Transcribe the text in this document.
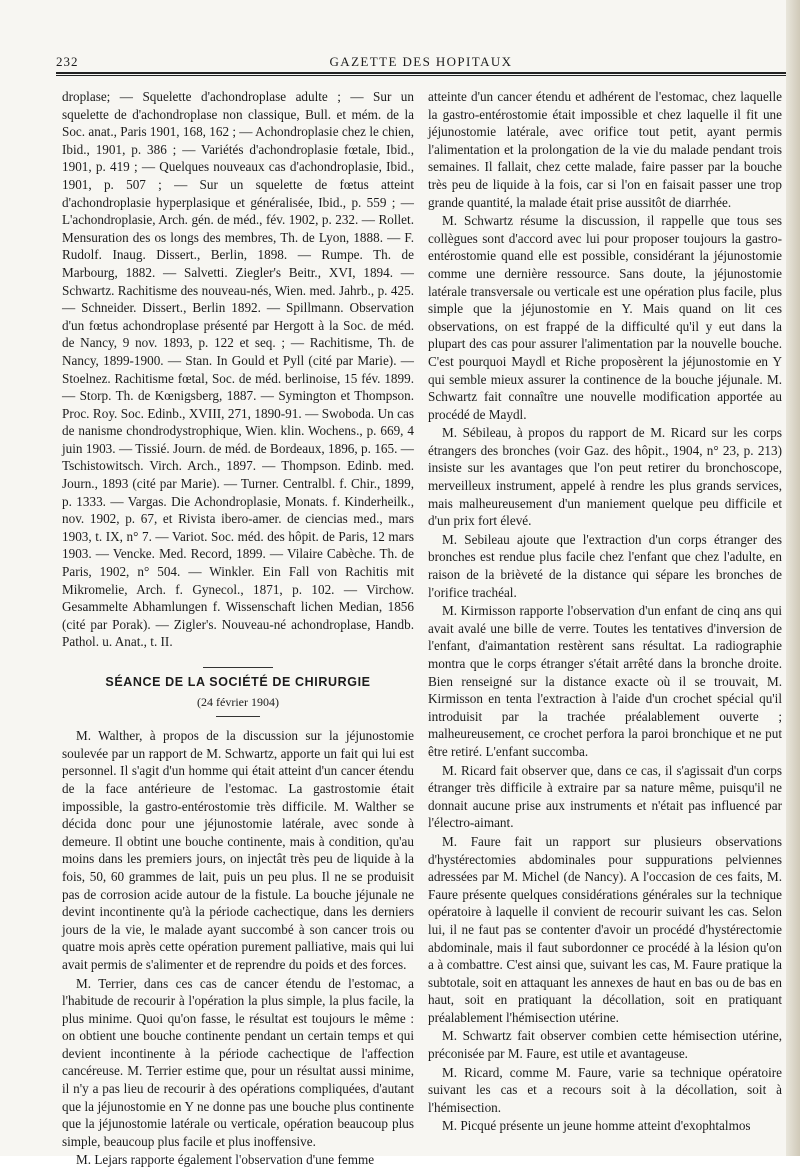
232	GAZETTE DES HOPITAUX

droplase; — Squelette d'achondroplase adulte ; — Sur un squelette de d'achondroplase non classique, Bull. et mém. de la Soc. anat., Paris 1901, 168, 162 ; — Achondroplasie chez le chien, Ibid., 1901, p. 386 ; — Variétés d'achondroplasie fœtale, Ibid., 1901, p. 419 ; — Quelques nouveaux cas d'achondroplasie, Ibid., 1901, p. 507 ; — Sur un squelette de fœtus atteint d'achondroplasie hyperplasique et généralisée, Ibid., p. 559 ; — L'achondroplasie, Arch. gén. de méd., fév. 1902, p. 232. — Rollet. Mensuration des os longs des membres, Th. de Lyon, 1888. — F. Rudolf. Inaug. Dissert., Berlin, 1898. — Rumpe. Th. de Marbourg, 1882. — Salvetti. Ziegler's Beitr., XVI, 1894. — Schwartz. Rachitisme des nouveau-nés, Wien. med. Jahrb., p. 425. — Schneider. Dissert., Berlin 1892. — Spillmann. Observation d'un fœtus achondroplase présenté par Hergott à la Soc. de méd. de Nancy, 9 nov. 1893, p. 122 et seq. ; — Rachitisme, Th. de Nancy, 1899-1900. — Stan. In Gould et Pyll (cité par Marie). — Stoelnez. Rachitisme fœtal, Soc. de méd. berlinoise, 15 fév. 1899. — Storp. Th. de Kœnigsberg, 1887. — Symington et Thompson. Proc. Roy. Soc. Edinb., XVIII, 271, 1890-91. — Swoboda. Un cas de nanisme chondrodystrophique, Wien. klin. Wochens., p. 669, 4 juin 1903. — Tissié. Journ. de méd. de Bordeaux, 1896, p. 165. — Tschistowitsch. Virch. Arch., 1897. — Thompson. Edinb. med. Journ., 1893 (cité par Marie). — Turner. Centralbl. f. Chir., 1899, p. 1333. — Vargas. Die Achondroplasie, Monats. f. Kinderheilk., nov. 1902, p. 67, et Rivista ibero-amer. de ciencias med., mars 1903, t. IX, n° 7. — Variot. Soc. méd. des hôpit. de Paris, 12 mars 1903. — Vencke. Med. Record, 1899. — Vilaire Cabèche. Th. de Paris, 1902, n° 504. — Winkler. Ein Fall von Rachitis mit Mikromelie, Arch. f. Gynecol., 1871, p. 102. — Virchow. Gesammelte Abhamlungen f. Wissenschaft lichen Median, 1856 (cité par Porak). — Zigler's. Nouveau-né achondroplase, Handb. Pathol. u. Anat., t. II.

SÉANCE DE LA SOCIÉTÉ DE CHIRURGIE
(24 février 1904)

M. Walther, à propos de la discussion sur la jéjunostomie soulevée par un rapport de M. Schwartz, apporte un fait qui lui est personnel. Il s'agit d'un homme qui était atteint d'un cancer étendu de la face antérieure de l'estomac. La gastrostomie était impossible, la gastro-entérostomie très difficile. M. Walther se décida donc pour une jéjunostomie latérale, avec sonde à demeure. Il obtint une bouche continente, mais à condition, qu'au moins dans les premiers jours, on injectât très peu de liquide à la fois, 50, 60 grammes de lait, puis un peu plus. Il ne se produisit pas de corrosion acide autour de la fistule. La bouche jéjunale ne devint incontinente qu'à la période cachectique, dans les derniers jours de la vie, le malade ayant succombé à son cancer trois ou quatre mois après cette opération purement palliative, mais qui lui avait permis de s'alimenter et de reprendre du poids et des forces.

M. Terrier, dans ces cas de cancer étendu de l'estomac, a l'habitude de recourir à l'opération la plus simple, la plus facile, la plus minime. Quoi qu'on fasse, le résultat est toujours le même : on obtient une bouche continente pendant un certain temps et qui devient incontinente à la période cachectique de l'affection cancéreuse. M. Terrier estime que, pour un résultat aussi minime, il n'y a pas lieu de recourir à des opérations compliquées, d'autant que la jéjunostomie en Y ne donne pas une bouche plus continente que la jéjunostomie latérale ou verticale, opération beaucoup plus simple, beaucoup plus facile et plus inoffensive.

M. Lejars rapporte également l'observation d'une femme

atteinte d'un cancer étendu et adhérent de l'estomac, chez laquelle la gastro-entérostomie était impossible et chez laquelle il fit une jéjunostomie latérale, avec orifice tout petit, ayant permis l'alimentation et la prolongation de la vie du malade pendant trois semaines. Il fallait, chez cette malade, faire passer par la bouche très peu de liquide à la fois, car si l'on en faisait passer une trop grande quantité, la malade était prise aussitôt de diarrhée.

M. Schwartz résume la discussion, il rappelle que tous ses collègues sont d'accord avec lui pour proposer toujours la gastro-entérostomie quand elle est possible, considérant la jéjunostomie comme une dernière ressource. Sans doute, la jéjunostomie latérale transversale ou verticale est une opération plus facile, plus simple que la jéjunostomie en Y. Mais quand on lit ces observations, on est frappé de la difficulté qu'il y eut dans la plupart des cas pour assurer l'alimentation par la nouvelle bouche. C'est pourquoi Maydl et Riche proposèrent la jéjunostomie en Y qui semble mieux assurer la continence de la bouche jéjunale. M. Schwartz fait connaître une nouvelle modification apportée au procédé de Maydl.

M. Sébileau, à propos du rapport de M. Ricard sur les corps étrangers des bronches (voir Gaz. des hôpit., 1904, n° 23, p. 213) insiste sur les avantages que l'on peut retirer du bronchoscope, merveilleux instrument, appelé à rendre les plus grands services, mais malheureusement d'un maniement quelque peu difficile et d'un prix fort élevé.

M. Sebileau ajoute que l'extraction d'un corps étranger des bronches est rendue plus facile chez l'enfant que chez l'adulte, en raison de la brièveté de la distance qui sépare les bronches de l'orifice trachéal.

M. Kirmisson rapporte l'observation d'un enfant de cinq ans qui avait avalé une bille de verre. Toutes les tentatives d'inversion de l'enfant, d'aimantation restèrent sans résultat. La radiographie montra que le corps étranger s'était arrêté dans la bronche droite. Bien renseigné sur la distance exacte où il se trouvait, M. Kirmisson en tenta l'extraction à l'aide d'un crochet spécial qu'il introduisit par la trachée préalablement ouverte ; malheureusement, ce crochet perfora la paroi bronchique et ne put être retiré. L'enfant succomba.

M. Ricard fait observer que, dans ce cas, il s'agissait d'un corps étranger très difficile à extraire par sa nature même, puisqu'il ne donnait aucune prise aux instruments et n'était pas influencé par l'électro-aimant.

M. Faure fait un rapport sur plusieurs observations d'hystérectomies abdominales pour suppurations pelviennes adressées par M. Michel (de Nancy). A l'occasion de ces faits, M. Faure présente quelques considérations générales sur la technique opératoire à laquelle il convient de recourir suivant les cas. Selon lui, il ne faut pas se contenter d'avoir un procédé d'hystérectomie abdominale, mais il faut subordonner ce procédé à la lésion qu'on a à combattre. C'est ainsi que, suivant les cas, M. Faure pratique la subtotale, soit en attaquant les annexes de haut en bas ou de bas en haut, soit en pratiquant la décollation, soit en pratiquant préalablement l'hémisection utérine.

M. Schwartz fait observer combien cette hémisection utérine, préconisée par M. Faure, est utile et avantageuse.

M. Ricard, comme M. Faure, varie sa technique opératoire suivant les cas et a recours soit à la décollation, soit à l'hémisection.

M. Picqué présente un jeune homme atteint d'exophtalmos
